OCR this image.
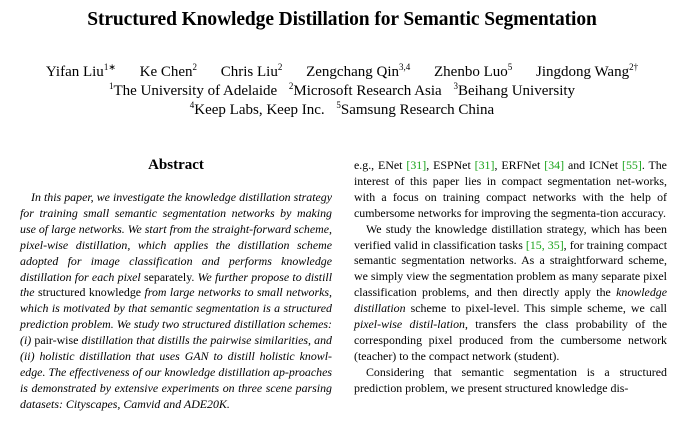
Structured Knowledge Distillation for Semantic Segmentation
Yifan Liu$^{1∗}$ Ke Chen$^2$ Chris Liu$^2$ Zengchang Qin$^{3,4}$ Zhenbo Luo$^5$ Jingdong Wang$^{2\dagger}$
$^1$The University of Adelaide $^2$Microsoft Research Asia $^3$Beihang University
$^4$Keep Labs, Keep Inc. $^5$Samsung Research China
Abstract

In this paper, we investigate the knowledge distillation strategy for training small semantic segmentation networks by making use of large networks. We start from the straight-forward scheme, pixel-wise distillation, which applies the distillation scheme adopted for image classification and performs knowledge distillation for each pixel separately. We further propose to distill the structured knowledge from large networks to small networks, which is motivated by that semantic segmentation is a structured prediction problem. We study two structured distillation schemes: (i) pair-wise distillation that distills the pairwise similarities, and (ii) holistic distillation that uses GAN to distill holistic knowl-edge. The effectiveness of our knowledge distillation ap-proaches is demonstrated by extensive experiments on three scene parsing datasets: Cityscapes, Camvid and ADE20K.

e.g., ENet [31], ESPNet [31], ERFNet [34] and ICNet [55]. The interest of this paper lies in compact segmentation net-works, with a focus on training compact networks with the help of cumbersome networks for improving the segmenta-tion accuracy.

We study the knowledge distillation strategy, which has been verified valid in classification tasks [15, 35], for training compact semantic segmentation networks. As a straightforward scheme, we simply view the segmentation problem as many separate pixel classification problems, and then directly apply the knowledge distillation scheme to pixel-level. This simple scheme, we call pixel-wise distil-lation, transfers the class probability of the corresponding pixel produced from the cumbersome network (teacher) to the compact network (student).

Considering that semantic segmentation is a structured prediction problem, we present structured knowledge dis-
